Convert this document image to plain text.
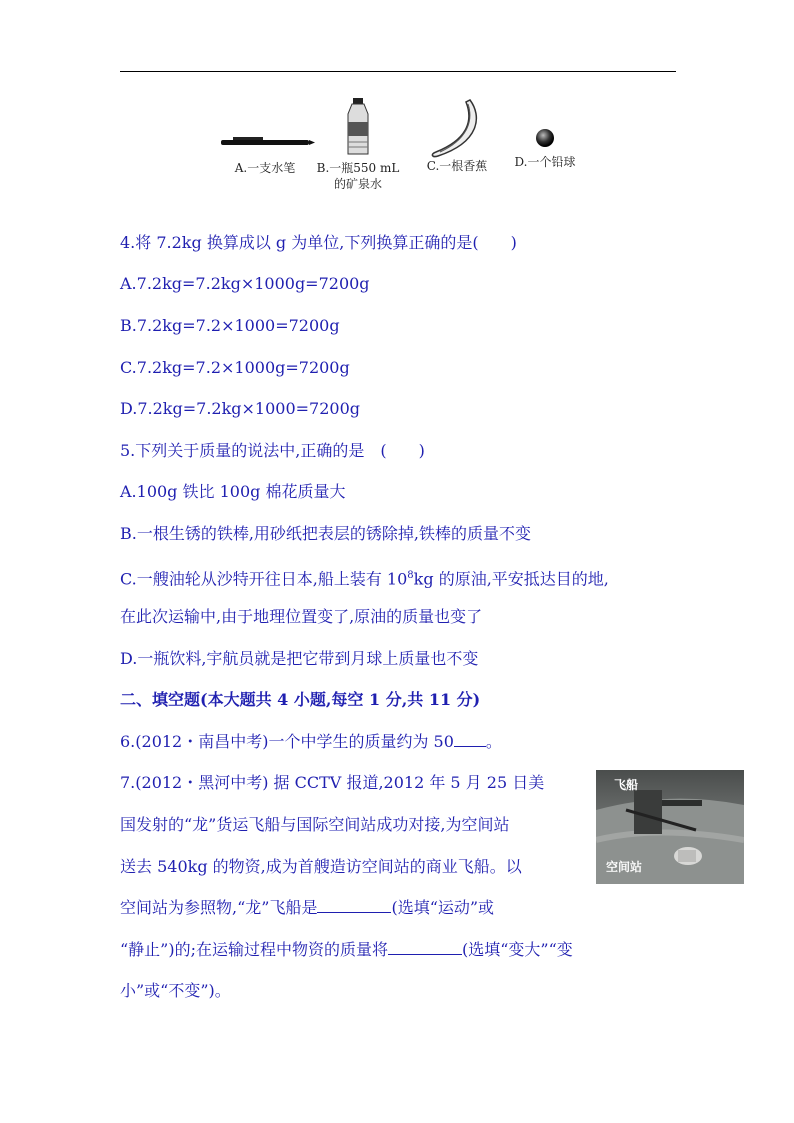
A.一支水笔	B.一瓶550 mL
的矿泉水
C.一根香蕉	D.一个铅球
4.将 7.2kg 换算成以 g 为单位,下列换算正确的是(　　)
A.7.2kg=7.2kg×1000g=7200g
B.7.2kg=7.2×1000=7200g
C.7.2kg=7.2×1000g=7200g
D.7.2kg=7.2kg×1000=7200g
5.下列关于质量的说法中,正确的是　(　　)
A.100g 铁比 100g 棉花质量大
B.一根生锈的铁棒,用砂纸把表层的锈除掉,铁棒的质量不变
C.一艘油轮从沙特开往日本,船上装有 $10^8kg$ 的原油,平安抵达目的地,
在此次运输中,由于地理位置变了,原油的质量也变了
D.一瓶饮料,宇航员就是把它带到月球上质量也不变
二、填空题(本大题共 4 小题,每空 1 分,共 11 分)
6.(2012・南昌中考)一个中学生的质量约为 50 。
7.(2012・黑河中考) 据 CCTV 报道,2012 年 5 月 25 日美
国发射的“龙”货运飞船与国际空间站成功对接,为空间站
送去 540kg 的物资,成为首艘造访空间站的商业飞船。以
空间站为参照物,“龙”飞船是	(选填“运动”或
“静止”)的;在运输过程中物资的质量将	(选填“变大”“变
小”或“不变”)。
飞船
空间站
